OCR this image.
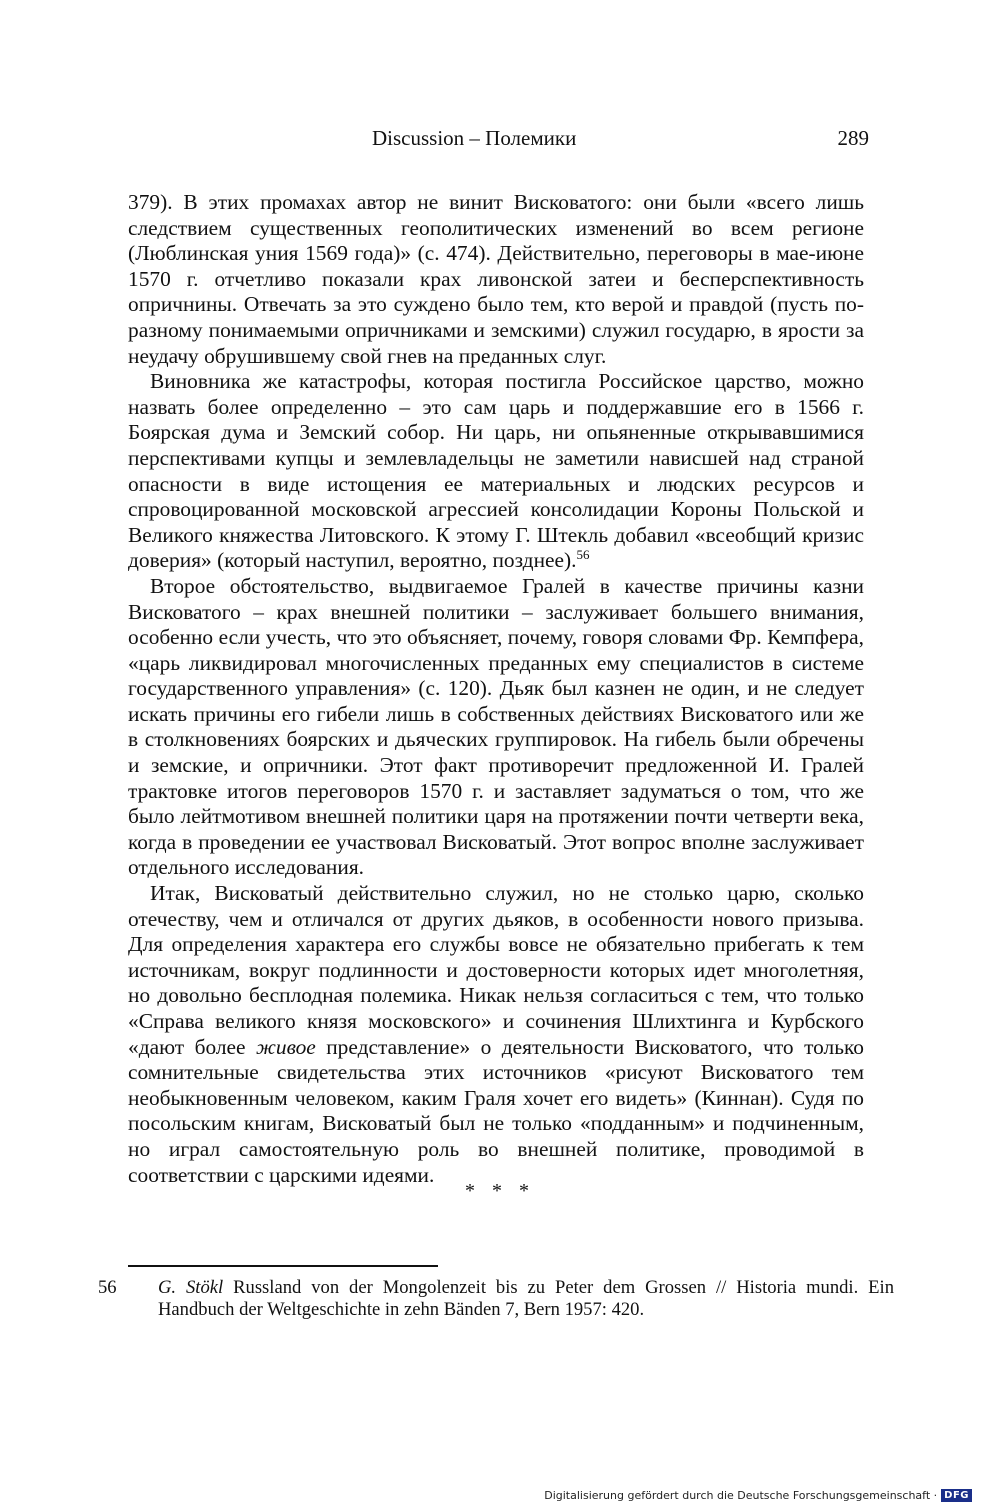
Discussion – Полемики	289

379). В этих промахах автор не винит Висковатого: они были «всего лишь следствием существенных геополитических изменений во всем регионе (Люблинская уния 1569 года)» (с. 474). Действительно, переговоры в мае-июне 1570 г. отчетливо показали крах ливонской затеи и бесперспективность опричнины. Отвечать за это суждено было тем, кто верой и правдой (пусть по-разному понимаемыми опричниками и земскими) служил государю, в ярости за неудачу обрушившему свой гнев на преданных слуг.

Виновника же катастрофы, которая постигла Российское царство, можно назвать более определенно – это сам царь и поддержавшие его в 1566 г. Боярская дума и Земский собор. Ни царь, ни опьяненные открывавшимися перспективами купцы и землевладельцы не заметили нависшей над страной опасности в виде истощения ее материальных и людских ресурсов и спровоцированной московской агрессией консолидации Короны Польской и Великого княжества Литовского. К этому Г. Штекль добавил «всеобщий кризис доверия» (который наступил, вероятно, позднее).$^{56}$

Второе обстоятельство, выдвигаемое Гралей в качестве причины казни Висковатого – крах внешней политики – заслуживает большего внимания, особенно если учесть, что это объясняет, почему, говоря словами Фр. Кемпфера, «царь ликвидировал многочисленных преданных ему специалистов в системе государственного управления» (с. 120). Дьяк был казнен не один, и не следует искать причины его гибели лишь в собственных действиях Висковатого или же в столкновениях боярских и дьяческих группировок. На гибель были обречены и земские, и опричники. Этот факт противоречит предложенной И. Гралей трактовке итогов переговоров 1570 г. и заставляет задуматься о том, что же было лейтмотивом внешней политики царя на протяжении почти четверти века, когда в проведении ее участвовал Висковатый. Этот вопрос вполне заслуживает отдельного исследования.

Итак, Висковатый действительно служил, но не столько царю, сколько отечеству, чем и отличался от других дьяков, в особенности нового призыва. Для определения характера его службы вовсе не обязательно прибегать к тем источникам, вокруг подлинности и достоверности которых идет многолетняя, но довольно бесплодная полемика. Никак нельзя согласиться с тем, что только «Справа великого князя московского» и сочинения Шлихтинга и Курбского «дают более живое представление» о деятельности Висковатого, что только сомнительные свидетельства этих источников «рисуют Висковатого тем необыкновенным человеком, каким Граля хочет его видеть» (Киннан). Судя по посольским книгам, Висковатый был не только «подданным» и подчиненным, но играл самостоятельную роль во внешней политике, проводимой в соответствии с царскими идеями.

* * *
56 G. Stökl Russland von der Mongolenzeit bis zu Peter dem Grossen // Historia mundi. Ein Handbuch der Weltgeschichte in zehn Bänden 7, Bern 1957: 420.
Digitalisierung gefördert durch die Deutsche Forschungsgemeinschaft · DFG
